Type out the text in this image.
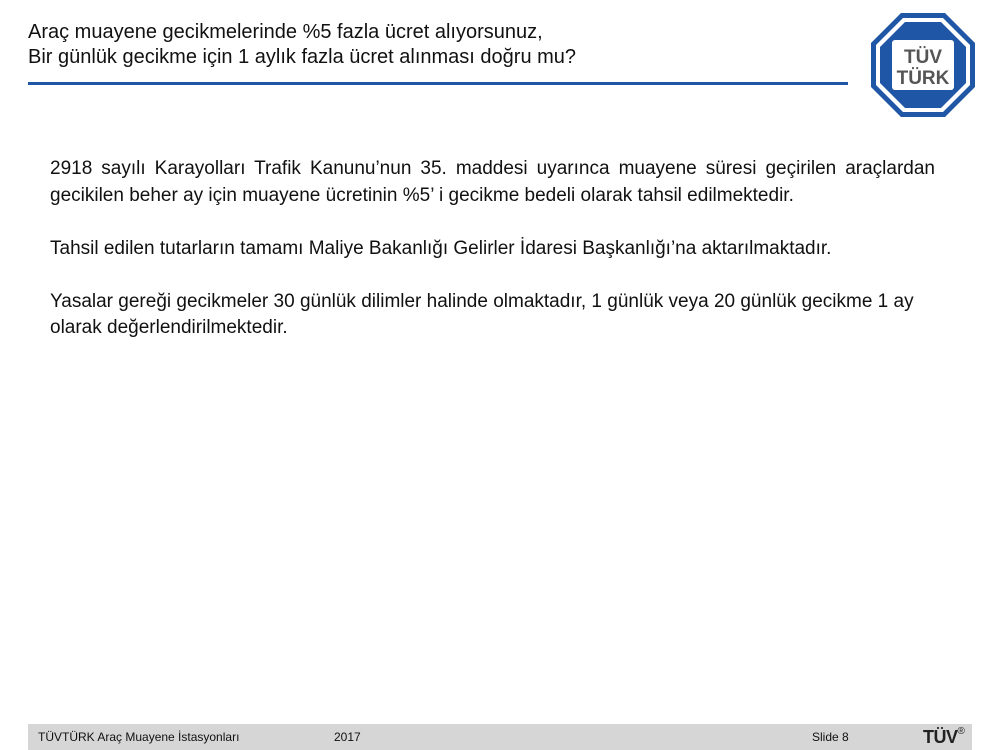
Araç muayene gecikmelerinde %5 fazla ücret alıyorsunuz,
Bir günlük gecikme için 1 aylık fazla ücret alınması doğru mu?	TÜV
TÜRK

2918 sayılı Karayolları Trafik Kanunu’nun 35. maddesi uyarınca muayene süresi geçirilen araçlardan gecikilen beher ay için muayene ücretinin %5’ i gecikme bedeli olarak tahsil edilmektedir.

Tahsil edilen tutarların tamamı Maliye Bakanlığı Gelirler İdaresi Başkanlığı’na aktarılmaktadır.

Yasalar gereği gecikmeler 30 günlük dilimler halinde olmaktadır, 1 günlük veya 20 günlük gecikme 1 ay olarak değerlendirilmektedir.

TÜVTÜRK Araç Muayene İstasyonları	2017	Slide 8	TÜV®
